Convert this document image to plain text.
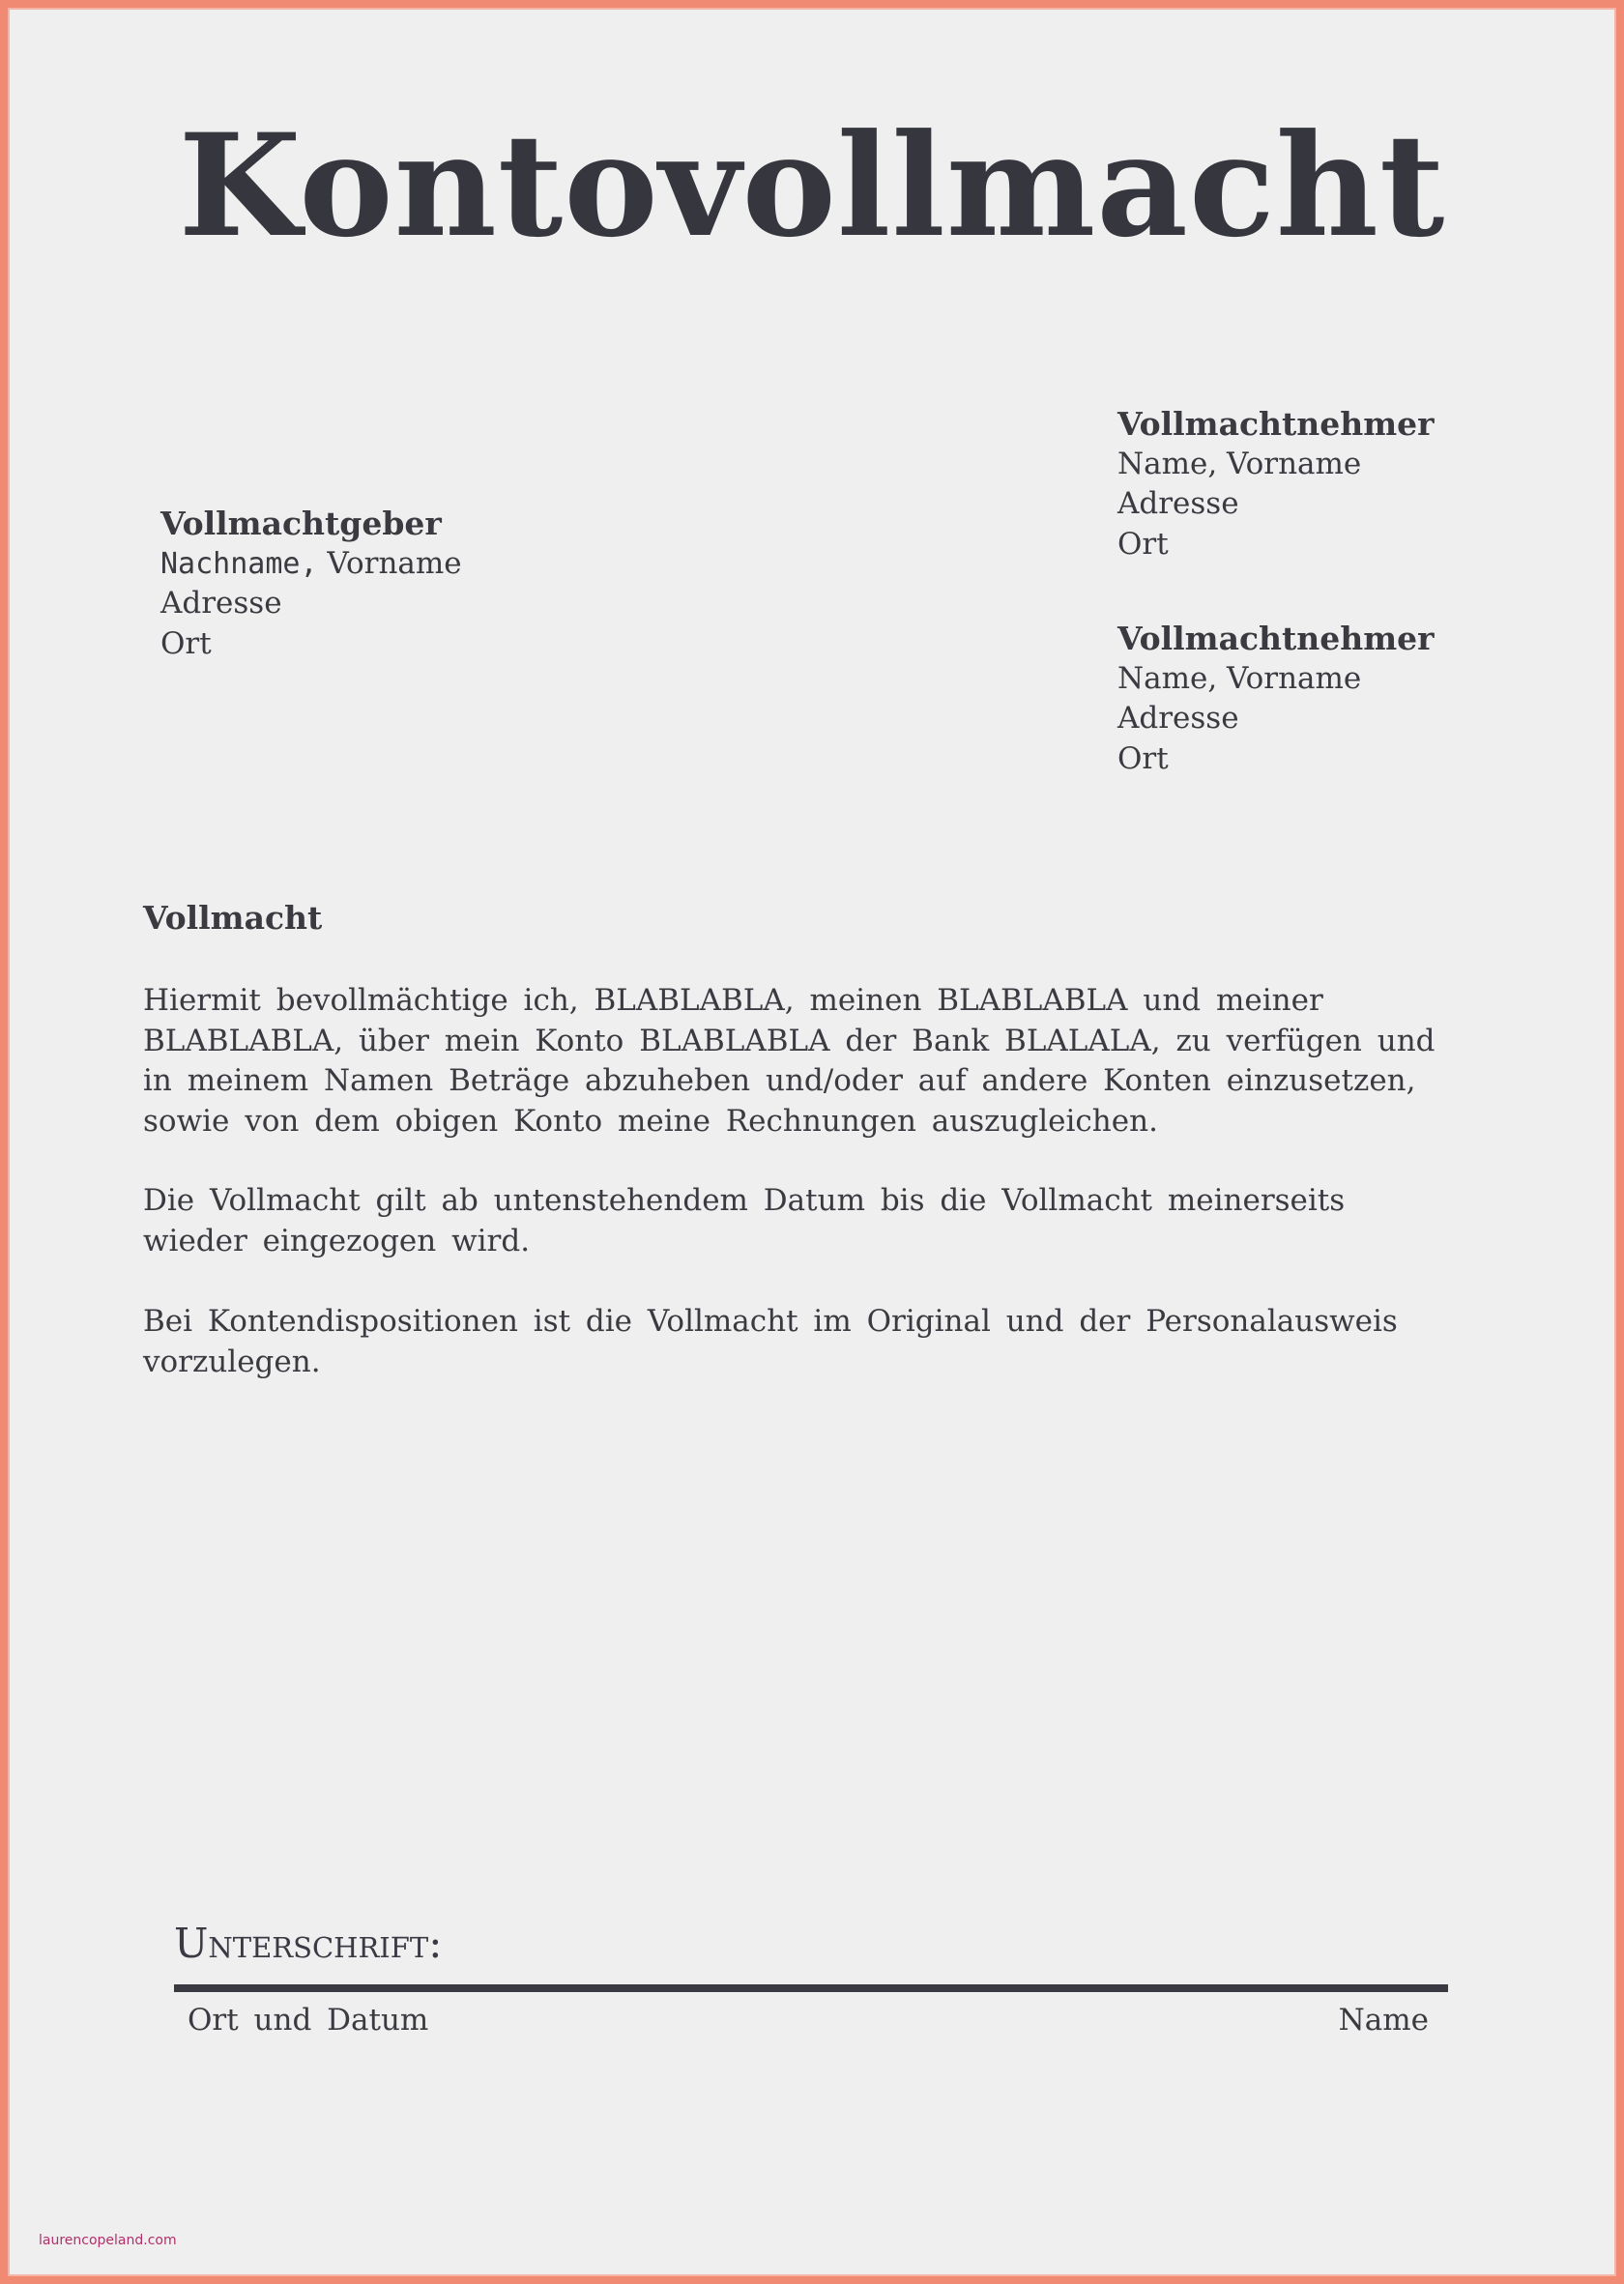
Kontovollmacht
Vollmachtgeber
Nachname, Vorname
Adresse
Ort
Vollmachtnehmer
Name, Vorname
Adresse
Ort
Vollmachtnehmer
Name, Vorname
Adresse
Ort
Vollmacht
Hiermit bevollmächtige ich, BLABLABLA, meinen BLABLABLA und meiner BLABLABLA, über mein Konto BLABLABLA der Bank BLALALA, zu verfügen und in meinem Namen Beträge abzuheben und/oder auf andere Konten einzusetzen, sowie von dem obigen Konto meine Rechnungen auszugleichen.
Die Vollmacht gilt ab untenstehendem Datum bis die Vollmacht meinerseits wieder eingezogen wird.
Bei Kontendispositionen ist die Vollmacht im Original und der Personalausweis vorzulegen.
Unterschrift:
Ort und Datum	Name
laurencopeland.com
